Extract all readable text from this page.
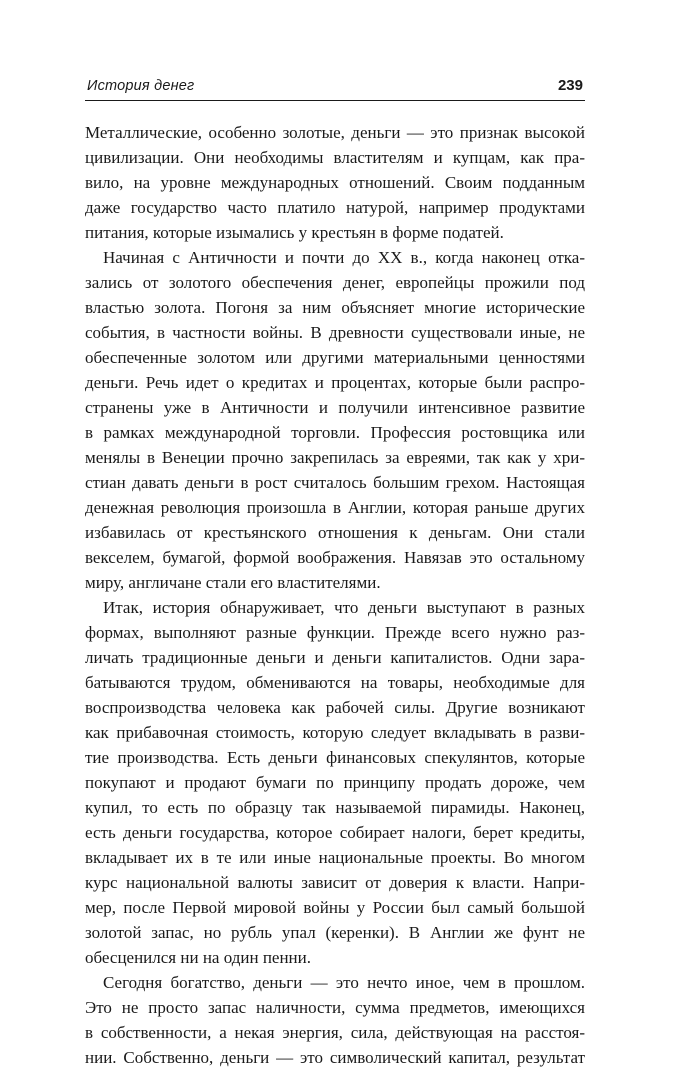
История денег	239
Металлические, особенно золотые, деньги — это признак высокой
цивилизации. Они необходимы властителям и купцам, как пра-
вило, на уровне международных отношений. Своим подданным
даже государство часто платило натурой, например продуктами
питания, которые изымались у крестьян в форме податей.
Начиная с Античности и почти до XX в., когда наконец отка-
зались от золотого обеспечения денег, европейцы прожили под
властью золота. Погоня за ним объясняет многие исторические
события, в частности войны. В древности существовали иные, не
обеспеченные золотом или другими материальными ценностями
деньги. Речь идет о кредитах и процентах, которые были распро-
странены уже в Античности и получили интенсивное развитие
в рамках международной торговли. Профессия ростовщика или
менялы в Венеции прочно закрепилась за евреями, так как у хри-
стиан давать деньги в рост считалось большим грехом. Настоящая
денежная революция произошла в Англии, которая раньше других
избавилась от крестьянского отношения к деньгам. Они стали
векселем, бумагой, формой воображения. Навязав это остальному
миру, англичане стали его властителями.
Итак, история обнаруживает, что деньги выступают в разных
формах, выполняют разные функции. Прежде всего нужно раз-
личать традиционные деньги и деньги капиталистов. Одни зара-
батываются трудом, обмениваются на товары, необходимые для
воспроизводства человека как рабочей силы. Другие возникают
как прибавочная стоимость, которую следует вкладывать в разви-
тие производства. Есть деньги финансовых спекулянтов, которые
покупают и продают бумаги по принципу продать дороже, чем
купил, то есть по образцу так называемой пирамиды. Наконец,
есть деньги государства, которое собирает налоги, берет кредиты,
вкладывает их в те или иные национальные проекты. Во многом
курс национальной валюты зависит от доверия к власти. Напри-
мер, после Первой мировой войны у России был самый большой
золотой запас, но рубль упал (керенки). В Англии же фунт не
обесценился ни на один пенни.
Сегодня богатство, деньги — это нечто иное, чем в прошлом.
Это не просто запас наличности, сумма предметов, имеющихся
в собственности, а некая энергия, сила, действующая на расстоя-
нии. Собственно, деньги — это символический капитал, результат
